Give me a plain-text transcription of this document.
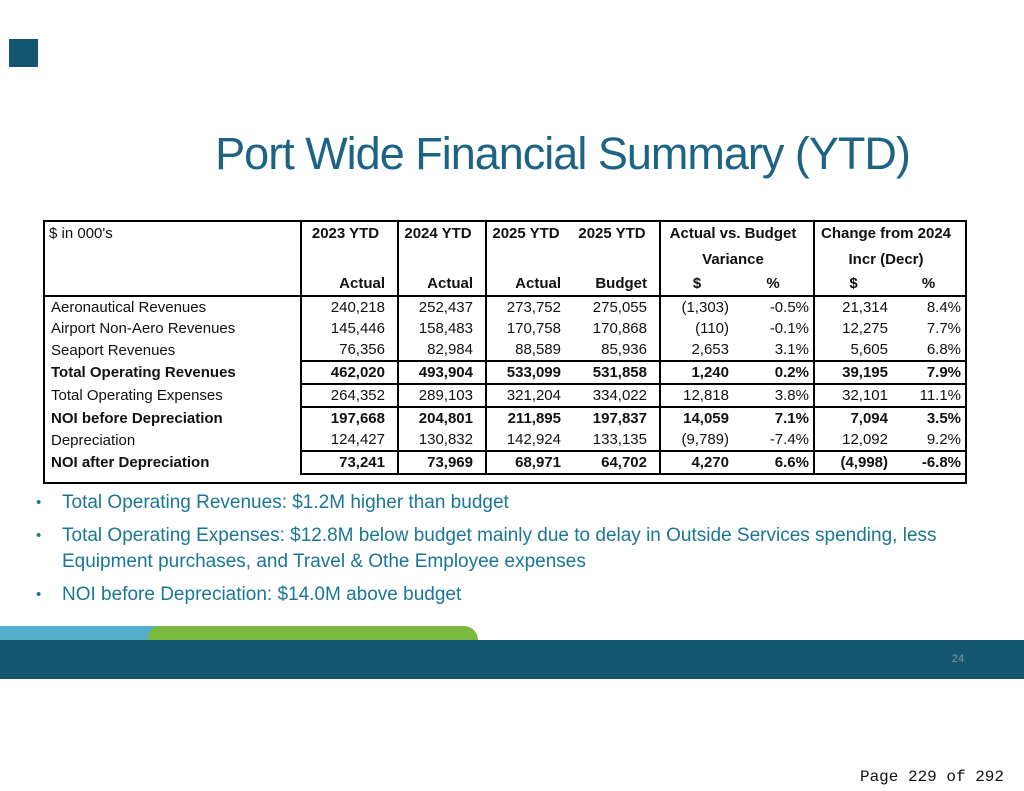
Port Wide Financial Summary (YTD)
$ in 000's	2023 YTD	2024 YTD	2025 YTD	2025 YTD	Actual vs. Budget		Change from 2024	
					Variance		Incr (Decr)	
	Actual	Actual	Actual	Budget	$	%	$	%
Aeronautical Revenues	240,218	252,437	273,752	275,055	(1,303)	-0.5%	21,314	8.4%
Airport Non-Aero Revenues	145,446	158,483	170,758	170,868	(110)	-0.1%	12,275	7.7%
Seaport Revenues	76,356	82,984	88,589	85,936	2,653	3.1%	5,605	6.8%
Total Operating Revenues	462,020	493,904	533,099	531,858	1,240	0.2%	39,195	7.9%
Total Operating Expenses	264,352	289,103	321,204	334,022	12,818	3.8%	32,101	11.1%
NOI before Depreciation	197,668	204,801	211,895	197,837	14,059	7.1%	7,094	3.5%
Depreciation	124,427	130,832	142,924	133,135	(9,789)	-7.4%	12,092	9.2%
NOI after Depreciation	73,241	73,969	68,971	64,702	4,270	6.6%	(4,998)	-6.8%

•	Total Operating Revenues: $1.2M higher than budget
•	Total Operating Expenses: $12.8M below budget mainly due to delay in Outside Services spending, less Equipment purchases, and Travel & Othe Employee expenses
•	NOI before Depreciation: $14.0M above budget
24
Page 229 of 292
